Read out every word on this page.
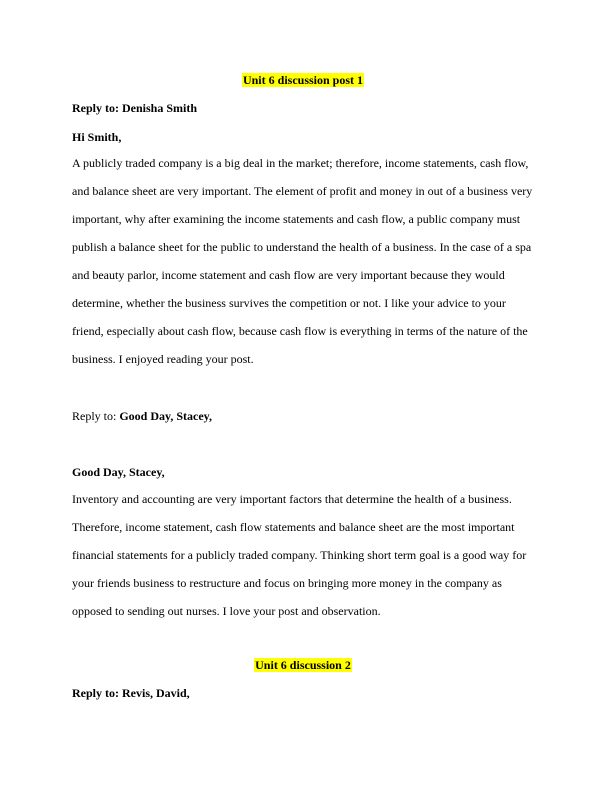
Unit 6 discussion post 1
Reply to: Denisha Smith
Hi Smith,
A publicly traded company is a big deal in the market; therefore, income statements, cash flow,
and balance sheet are very important. The element of profit and money in out of a business very
important, why after examining the income statements and cash flow, a public company must
publish a balance sheet for the public to understand the health of a business. In the case of a spa
and beauty parlor, income statement and cash flow are very important because they would
determine, whether the business survives the competition or not. I like your advice to your
friend, especially about cash flow, because cash flow is everything in terms of the nature of the
business. I enjoyed reading your post.
Reply to: Good Day, Stacey,
Good Day, Stacey,
Inventory and accounting are very important factors that determine the health of a business.
Therefore, income statement, cash flow statements and balance sheet are the most important
financial statements for a publicly traded company. Thinking short term goal is a good way for
your friends business to restructure and focus on bringing more money in the company as
opposed to sending out nurses. I love your post and observation.
Unit 6 discussion 2
Reply to: Revis, David,
